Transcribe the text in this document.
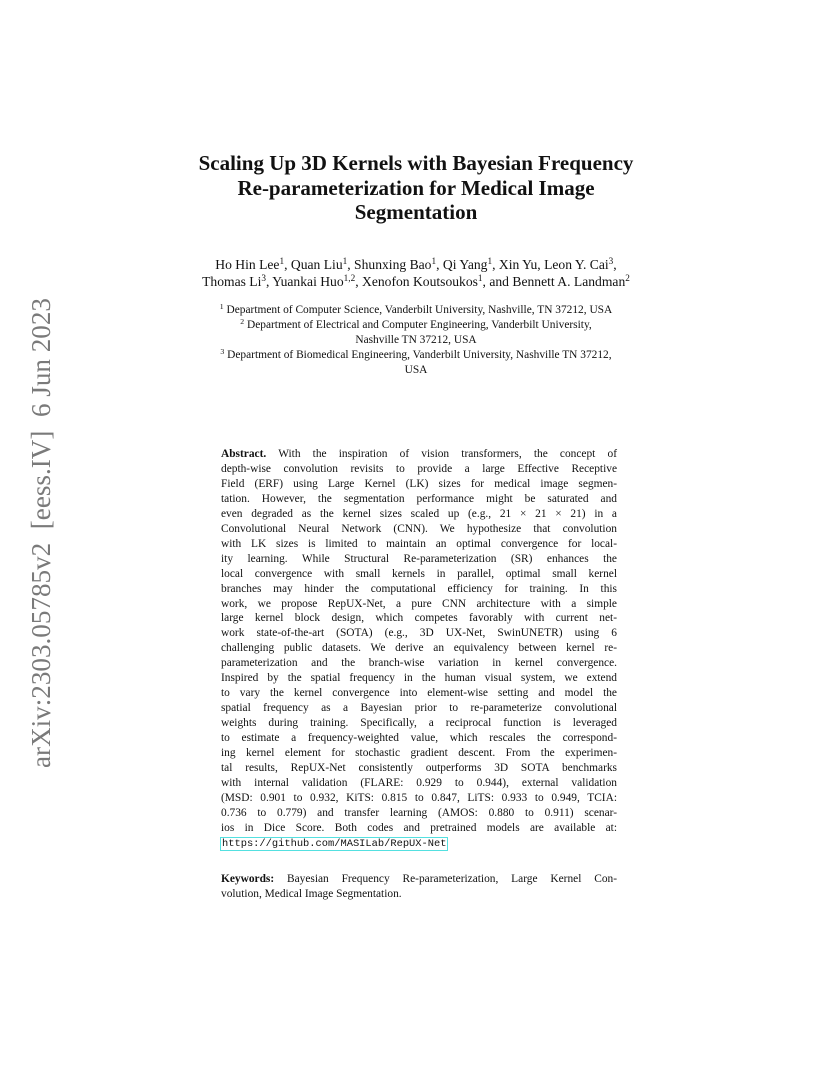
arXiv:2303.05785v2  [eess.IV]  6 Jun 2023
Scaling Up 3D Kernels with Bayesian Frequency
Re-parameterization for Medical Image
Segmentation
Ho Hin Lee$^1$, Quan Liu$^1$, Shunxing Bao$^1$, Qi Yang$^1$, Xin Yu, Leon Y. Cai$^3$,
Thomas Li$^3$, Yuankai Huo$^{1,2}$, Xenofon Koutsoukos$^1$, and Bennett A. Landman$^2$
$^1$ Department of Computer Science, Vanderbilt University, Nashville, TN 37212, USA
$^2$ Department of Electrical and Computer Engineering, Vanderbilt University,
Nashville TN 37212, USA
$^3$ Department of Biomedical Engineering, Vanderbilt University, Nashville TN 37212,
USA
Abstract. With the inspiration of vision transformers, the concept of
depth-wise convolution revisits to provide a large Effective Receptive
Field (ERF) using Large Kernel (LK) sizes for medical image segmen-
tation. However, the segmentation performance might be saturated and
even degraded as the kernel sizes scaled up (e.g., 21 × 21 × 21) in a
Convolutional Neural Network (CNN). We hypothesize that convolution
with LK sizes is limited to maintain an optimal convergence for local-
ity learning. While Structural Re-parameterization (SR) enhances the
local convergence with small kernels in parallel, optimal small kernel
branches may hinder the computational efficiency for training. In this
work, we propose RepUX-Net, a pure CNN architecture with a simple
large kernel block design, which competes favorably with current net-
work state-of-the-art (SOTA) (e.g., 3D UX-Net, SwinUNETR) using 6
challenging public datasets. We derive an equivalency between kernel re-
parameterization and the branch-wise variation in kernel convergence.
Inspired by the spatial frequency in the human visual system, we extend
to vary the kernel convergence into element-wise setting and model the
spatial frequency as a Bayesian prior to re-parameterize convolutional
weights during training. Specifically, a reciprocal function is leveraged
to estimate a frequency-weighted value, which rescales the correspond-
ing kernel element for stochastic gradient descent. From the experimen-
tal results, RepUX-Net consistently outperforms 3D SOTA benchmarks
with internal validation (FLARE: 0.929 to 0.944), external validation
(MSD: 0.901 to 0.932, KiTS: 0.815 to 0.847, LiTS: 0.933 to 0.949, TCIA:
0.736 to 0.779) and transfer learning (AMOS: 0.880 to 0.911) scenar-
ios in Dice Score. Both codes and pretrained models are available at:
https://github.com/MASILab/RepUX-Net
Keywords: Bayesian Frequency Re-parameterization, Large Kernel Con-
volution, Medical Image Segmentation.
